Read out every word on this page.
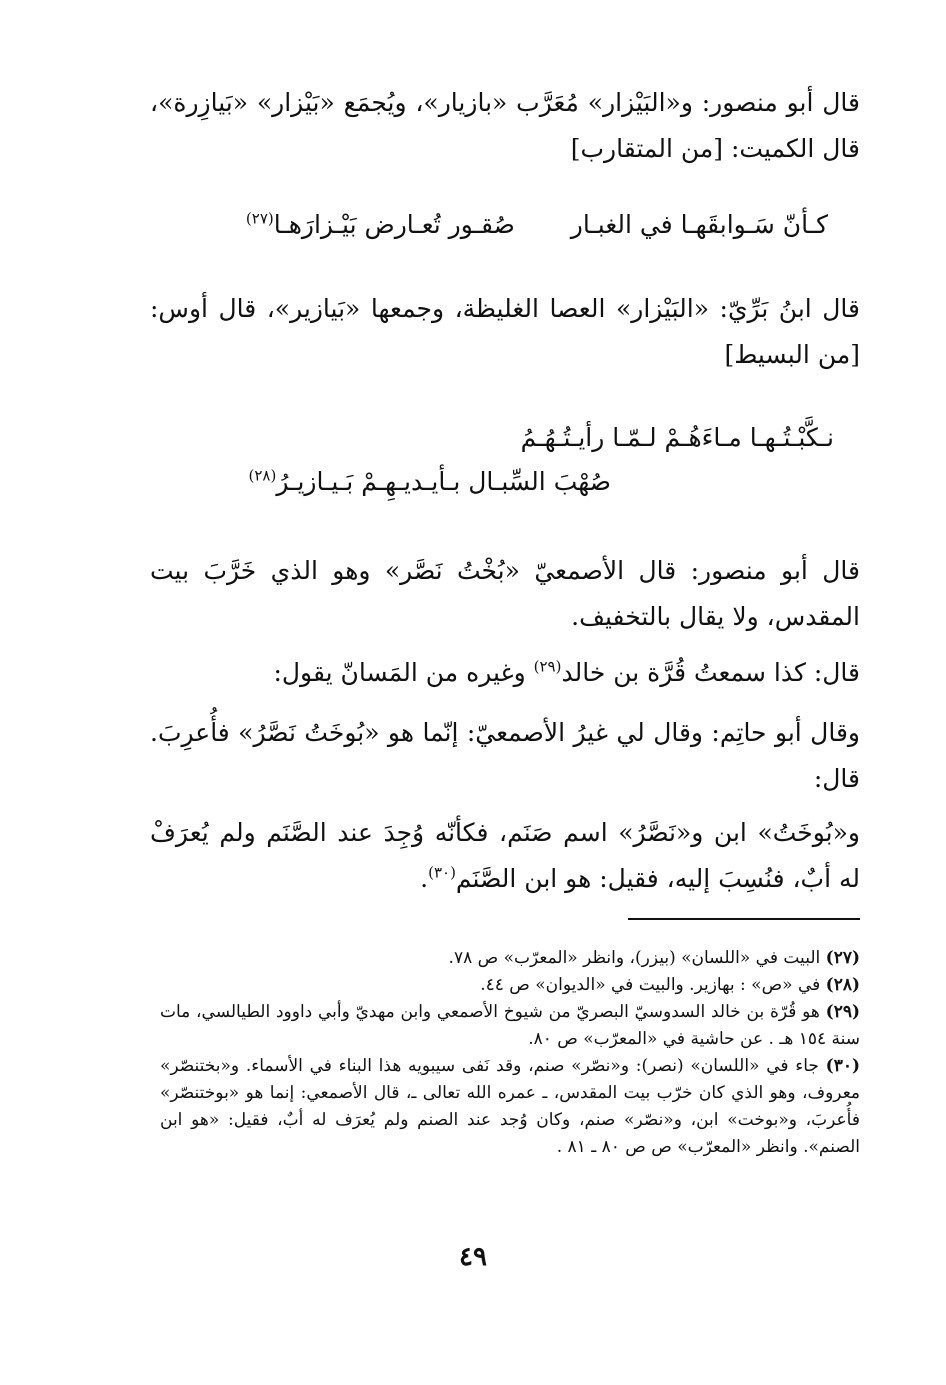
قال أبو منصور: و«البَيْزار» مُعَرَّب «بازيار»، ويُجمَع «بَيْزار» «بَيازِرة»، قال الكميت: [من المتقارب]
كـأنّ سَـوابقَهـا في الغبـار  صُقـور تُعـارض بَيْـزارَهـا$^{(٢٧)}$
قال ابنُ بَرِّيّ: «البَيْزار» العصا الغليظة، وجمعها «بَيازير»، قال أوس: [من البسيط]
نـكَّبْـتُـهـا مـاءَهُـمْ لـمّـا رأيـتُـهُـمُ
صُهْبَ السِّبـال بـأيـديـهِـمْ بَـيـازيـرُ$^{(٢٨)}$
قال أبو منصور: قال الأصمعيّ «بُخْتُ نَصَّر» وهو الذي خَرَّبَ بيت المقدس، ولا يقال بالتخفيف.
قال: كذا سمعتُ قُرَّة بن خالد$^{(٢٩)}$ وغيره من المَسانّ يقول:
وقال أبو حاتِم: وقال لي غيرُ الأصمعيّ: إنّما هو «بُوخَتُ نَصَّرُ» فأُعرِبَ. قال:
و«بُوخَتُ» ابن و«نَصَّرُ» اسم صَنَم، فكأنّه وُجِدَ عند الصَّنَم ولم يُعرَفْ له أبٌ، فنُسِبَ إليه، فقيل: هو ابن الصَّنَم$^{(٣٠)}$.
(٢٧) البيت في «اللسان» (بيزر)، وانظر «المعرّب» ص ٧٨.
(٢٨) في «ص» : بهازير. والبيت في «الديوان» ص ٤٤.
(٢٩) هو قُرّة بن خالد السدوسيّ البصريّ من شيوخ الأصمعي وابن مهديّ وأبي داوود الطيالسي، مات سنة ١٥٤ هـ . عن حاشية في «المعرّب» ص ٨٠.
(٣٠) جاء في «اللسان» (نصر): و«نصّر» صنم، وقد نَفى سيبويه هذا البناء في الأسماء. و«بختنصّر» معروف، وهو الذي كان خرّب بيت المقدس، ـ عمره الله تعالى ـ، قال الأصمعي: إنما هو «بوختنصّر» فأُعربَ، و«بوخت» ابن، و«نصّر» صنم، وكان وُجد عند الصنم ولم يُعرَف له أبٌ، فقيل: «هو ابن الصنم». وانظر «المعرّب» ص ص ٨٠ ـ ٨١ .
٤٩
